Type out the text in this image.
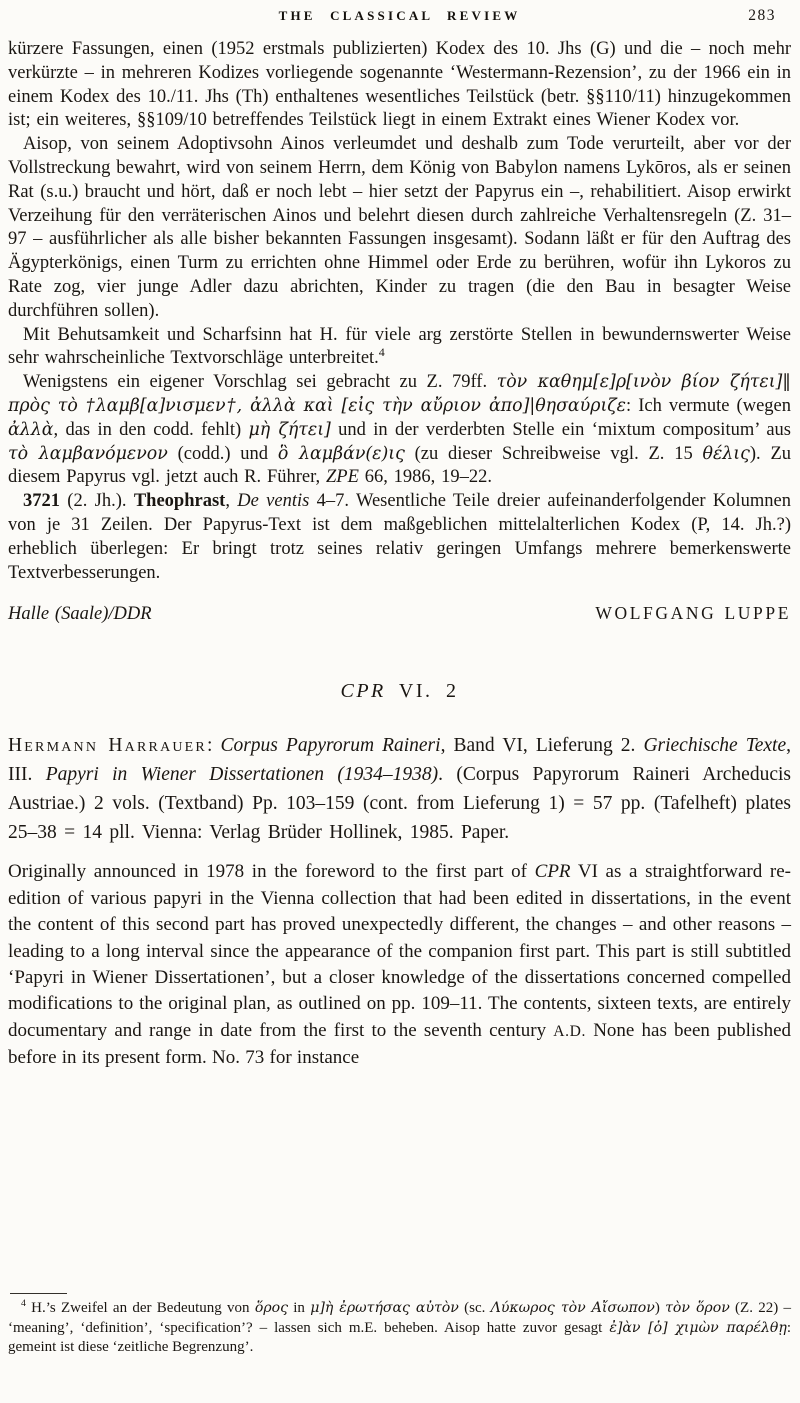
THE CLASSICAL REVIEW	283

kürzere Fassungen, einen (1952 erstmals publizierten) Kodex des 10. Jhs (G) und die – noch mehr verkürzte – in mehreren Kodizes vorliegende sogenannte ‘Westermann-Rezension’, zu der 1966 ein in einem Kodex des 10./11. Jhs (Th) enthaltenes wesentliches Teilstück (betr. §§110/11) hinzugekommen ist; ein weiteres, §§109/10 betreffendes Teilstück liegt in einem Extrakt eines Wiener Kodex vor.

Aisop, von seinem Adoptivsohn Ainos verleumdet und deshalb zum Tode verurteilt, aber vor der Vollstreckung bewahrt, wird von seinem Herrn, dem König von Babylon namens Lykōros, als er seinen Rat (s.u.) braucht und hört, daß er noch lebt – hier setzt der Papyrus ein –, rehabilitiert. Aisop erwirkt Verzeihung für den verräterischen Ainos und belehrt diesen durch zahlreiche Verhaltensregeln (Z. 31–97 – ausführlicher als alle bisher bekannten Fassungen insgesamt). Sodann läßt er für den Auftrag des Ägypterkönigs, einen Turm zu errichten ohne Himmel oder Erde zu berühren, wofür ihn Lykoros zu Rate zog, vier junge Adler dazu abrichten, Kinder zu tragen (die den Bau in besagter Weise durchführen sollen).

Mit Behutsamkeit und Scharfsinn hat H. für viele arg zerstörte Stellen in bewundernswerter Weise sehr wahrscheinliche Textvorschläge unterbreitet.$^4$

Wenigstens ein eigener Vorschlag sei gebracht zu Z. 79ff. τὸν καθημ[ε]ρ[ινὸν βίον ζήτει]‖ πρὸς τὸ †λαμβ[α]νισμεν†, ἀλλὰ καὶ [εἰς τὴν αὔριον ἀπο]|θησαύριζε: Ich vermute (wegen ἀλλὰ, das in den codd. fehlt) μὴ ζήτει] und in der verderbten Stelle ein ‘mixtum compositum’ aus τὸ λαμβανόμενον (codd.) und ὃ λαμβάν(ε)ις (zu dieser Schreibweise vgl. Z. 15 θέλις). Zu diesem Papyrus vgl. jetzt auch R. Führer, ZPE 66, 1986, 19–22.

3721 (2. Jh.). Theophrast, De ventis 4–7. Wesentliche Teile dreier aufeinanderfolgender Kolumnen von je 31 Zeilen. Der Papyrus-Text ist dem maßgeblichen mittelalterlichen Kodex (P, 14. Jh.?) erheblich überlegen: Er bringt trotz seines relativ geringen Umfangs mehrere bemerkenswerte Textverbesserungen.

Halle (Saale)/DDR	WOLFGANG LUPPE
CPR VI. 2

Hermann Harrauer: Corpus Papyrorum Raineri, Band VI, Lieferung 2. Griechische Texte, III. Papyri in Wiener Dissertationen (1934–1938). (Corpus Papyrorum Raineri Archeducis Austriae.) 2 vols. (Textband) Pp. 103–159 (cont. from Lieferung 1) = 57 pp. (Tafelheft) plates 25–38 = 14 pll. Vienna: Verlag Brüder Hollinek, 1985. Paper.

Originally announced in 1978 in the foreword to the first part of CPR VI as a straightforward re-edition of various papyri in the Vienna collection that had been edited in dissertations, in the event the content of this second part has proved unexpectedly different, the changes – and other reasons – leading to a long interval since the appearance of the companion first part. This part is still subtitled ‘Papyri in Wiener Dissertationen’, but a closer knowledge of the dissertations concerned compelled modifications to the original plan, as outlined on pp. 109–11. The contents, sixteen texts, are entirely documentary and range in date from the first to the seventh century A.D. None has been published before in its present form. No. 73 for instance

$^4$ H.’s Zweifel an der Bedeutung von ὅρος in μ]ὴ ἐρωτήσας αὐτὸν (sc. Λύκωρος τὸν Αἴσωπον) τὸν ὅρον (Z. 22) – ‘meaning’, ‘definition’, ‘specification’? – lassen sich m.E. beheben. Aisop hatte zuvor gesagt ἐ]ὰν [ὁ] χιμὼν παρέλθῃ: gemeint ist diese ‘zeitliche Begrenzung’.
